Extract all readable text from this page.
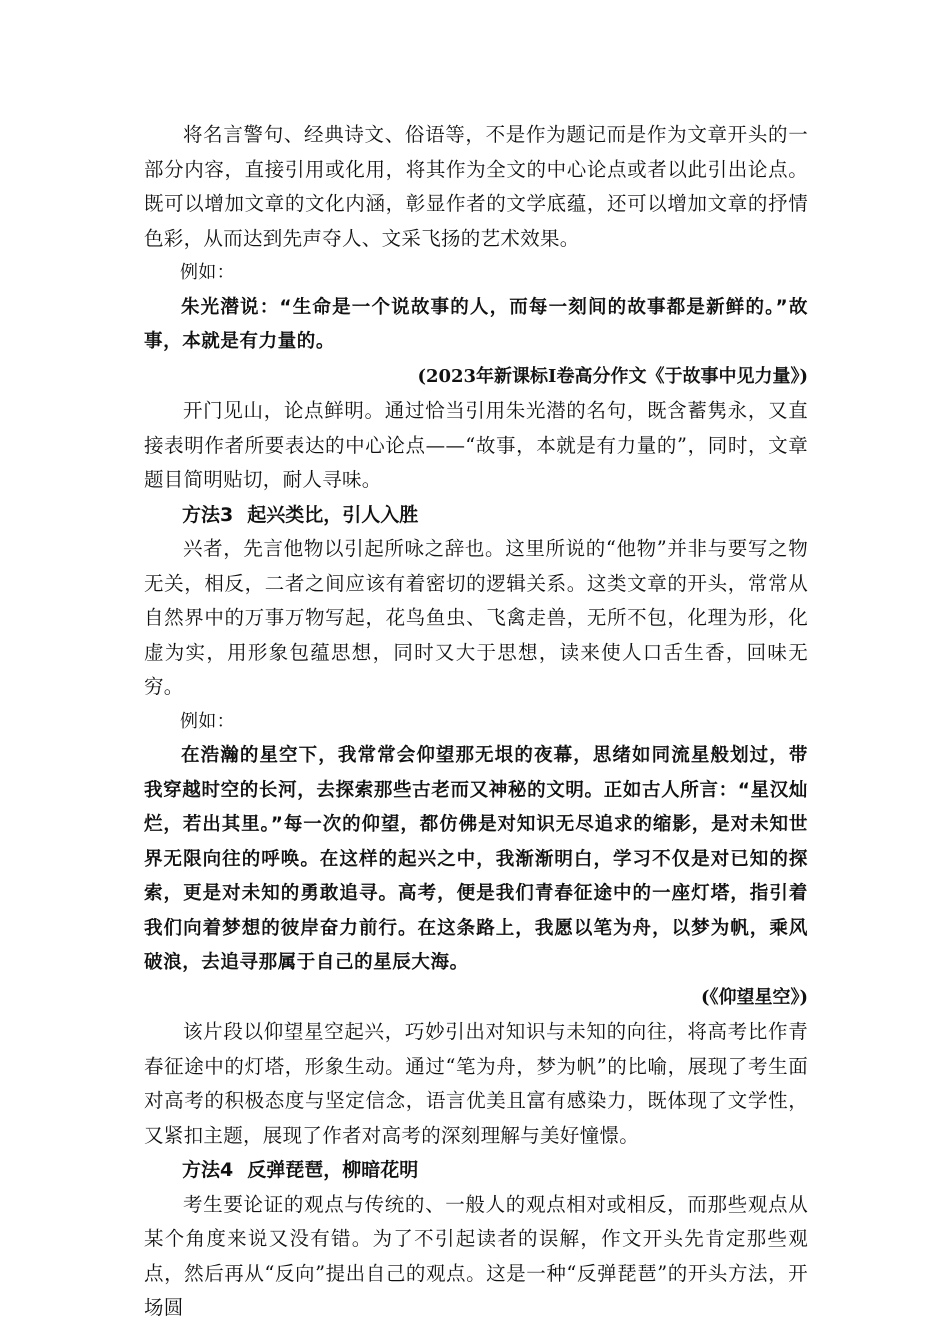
将名言警句、经典诗文、俗语等，不是作为题记而是作为文章开头的一部分内容，直接引用或化用，将其作为全文的中心论点或者以此引出论点。既可以增加文章的文化内涵，彰显作者的文学底蕴，还可以增加文章的抒情色彩，从而达到先声夺人、文采飞扬的艺术效果。

例如：

朱光潜说：“生命是一个说故事的人，而每一刻间的故事都是新鲜的。”故事，本就是有力量的。

(2023年新课标Ⅰ卷高分作文《于故事中见力量》)

开门见山，论点鲜明。通过恰当引用朱光潜的名句，既含蓄隽永，又直接表明作者所要表达的中心论点——“故事，本就是有力量的”，同时，文章题目简明贴切，耐人寻味。

方法3 起兴类比，引人入胜

兴者，先言他物以引起所咏之辞也。这里所说的“他物”并非与要写之物无关，相反，二者之间应该有着密切的逻辑关系。这类文章的开头，常常从自然界中的万事万物写起，花鸟鱼虫、飞禽走兽，无所不包，化理为形，化虚为实，用形象包蕴思想，同时又大于思想，读来使人口舌生香，回味无穷。

例如：

在浩瀚的星空下，我常常会仰望那无垠的夜幕，思绪如同流星般划过，带我穿越时空的长河，去探索那些古老而又神秘的文明。正如古人所言：“星汉灿烂，若出其里。”每一次的仰望，都仿佛是对知识无尽追求的缩影，是对未知世界无限向往的呼唤。在这样的起兴之中，我渐渐明白，学习不仅是对已知的探索，更是对未知的勇敢追寻。高考，便是我们青春征途中的一座灯塔，指引着我们向着梦想的彼岸奋力前行。在这条路上，我愿以笔为舟，以梦为帆，乘风破浪，去追寻那属于自己的星辰大海。

(《仰望星空》)

该片段以仰望星空起兴，巧妙引出对知识与未知的向往，将高考比作青春征途中的灯塔，形象生动。通过“笔为舟，梦为帆”的比喻，展现了考生面对高考的积极态度与坚定信念，语言优美且富有感染力，既体现了文学性，又紧扣主题，展现了作者对高考的深刻理解与美好憧憬。

方法4 反弹琵琶，柳暗花明

考生要论证的观点与传统的、一般人的观点相对或相反，而那些观点从某个角度来说又没有错。为了不引起读者的误解，作文开头先肯定那些观点，然后再从“反向”提出自己的观点。这是一种“反弹琵琶”的开头方法，开场圆
